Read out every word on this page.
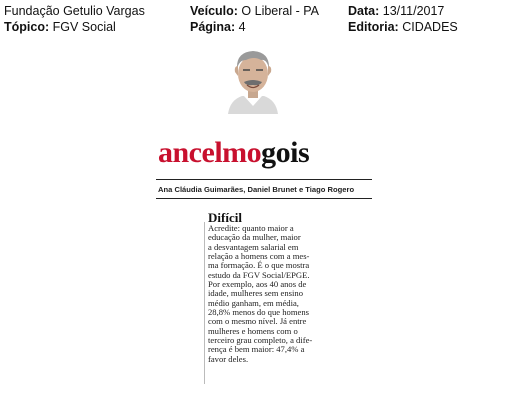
Fundação Getulio Vargas
Tópico: FGV Social
Veículo: O Liberal - PA
Página: 4
Data: 13/11/2017
Editoria: CIDADES
ancelmogois
Ana Cláudia Guimarães, Daniel Brunet e Tiago Rogero
Difícil
Acredite: quanto maior a
educação da mulher, maior
a desvantagem salarial em
relação a homens com a mes-
ma formação. É o que mostra
estudo da FGV Social/EPGE.
Por exemplo, aos 40 anos de
idade, mulheres sem ensino
médio ganham, em média,
28,8% menos do que homens
com o mesmo nível. Já entre
mulheres e homens com o
terceiro grau completo, a dife-
rença é bem maior: 47,4% a
favor deles.
